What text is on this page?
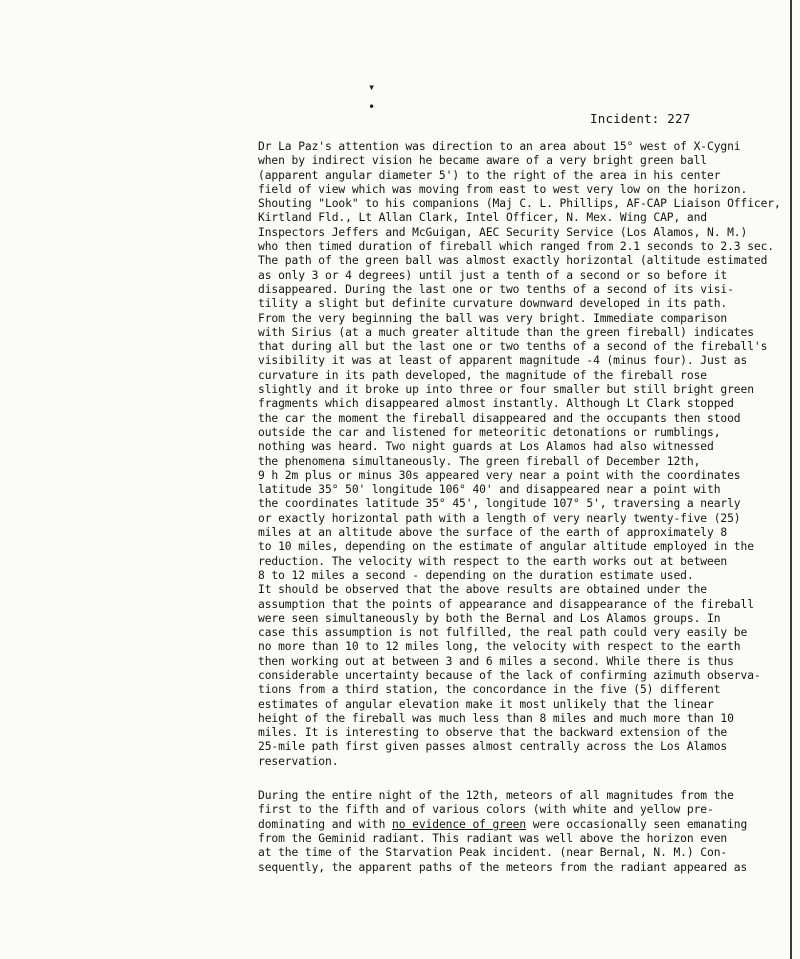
▾
•
Incident: 227

Dr La Paz's attention was direction to an area about 15° west of X-Cygni

when by indirect vision he became aware of a very bright green ball

(apparent angular diameter 5') to the right of the area in his center

field of view which was moving from east to west very low on the horizon.

Shouting "Look" to his companions (Maj C. L. Phillips, AF-CAP Liaison Officer,

Kirtland Fld., Lt Allan Clark, Intel Officer, N. Mex. Wing CAP, and

Inspectors Jeffers and McGuigan, AEC Security Service (Los Alamos, N. M.)

who then timed duration of fireball which ranged from 2.1 seconds to 2.3 sec.

The path of the green ball was almost exactly horizontal (altitude estimated

as only 3 or 4 degrees) until just a tenth of a second or so before it

disappeared. During the last one or two tenths of a second of its visi-

tility a slight but definite curvature downward developed in its path.

From the very beginning the ball was very bright. Immediate comparison

with Sirius (at a much greater altitude than the green fireball) indicates

that during all but the last one or two tenths of a second of the fireball's

visibility it was at least of apparent magnitude -4 (minus four). Just as

curvature in its path developed, the magnitude of the fireball rose

slightly and it broke up into three or four smaller but still bright green

fragments which disappeared almost instantly. Although Lt Clark stopped

the car the moment the fireball disappeared and the occupants then stood

outside the car and listened for meteoritic detonations or rumblings,

nothing was heard. Two night guards at Los Alamos had also witnessed

the phenomena simultaneously. The green fireball of December 12th,

9 h 2m plus or minus 30s appeared very near a point with the coordinates

latitude 35° 50' longitude 106° 40' and disappeared near a point with

the coordinates latitude 35° 45', longitude 107° 5', traversing a nearly

or exactly horizontal path with a length of very nearly twenty-five (25)

miles at an altitude above the surface of the earth of approximately 8

to 10 miles, depending on the estimate of angular altitude employed in the

reduction. The velocity with respect to the earth works out at between

8 to 12 miles a second - depending on the duration estimate used.

It should be observed that the above results are obtained under the

assumption that the points of appearance and disappearance of the fireball

were seen simultaneously by both the Bernal and Los Alamos groups. In

case this assumption is not fulfilled, the real path could very easily be

no more than 10 to 12 miles long, the velocity with respect to the earth

then working out at between 3 and 6 miles a second. While there is thus

considerable uncertainty because of the lack of confirming azimuth observa-

tions from a third station, the concordance in the five (5) different

estimates of angular elevation make it most unlikely that the linear

height of the fireball was much less than 8 miles and much more than 10

miles. It is interesting to observe that the backward extension of the

25-mile path first given passes almost centrally across the Los Alamos

reservation.

During the entire night of the 12th, meteors of all magnitudes from the

first to the fifth and of various colors (with white and yellow pre-

dominating and with no evidence of green were occasionally seen emanating

from the Geminid radiant. This radiant was well above the horizon even

at the time of the Starvation Peak incident. (near Bernal, N. M.) Con-

sequently, the apparent paths of the meteors from the radiant appeared as
